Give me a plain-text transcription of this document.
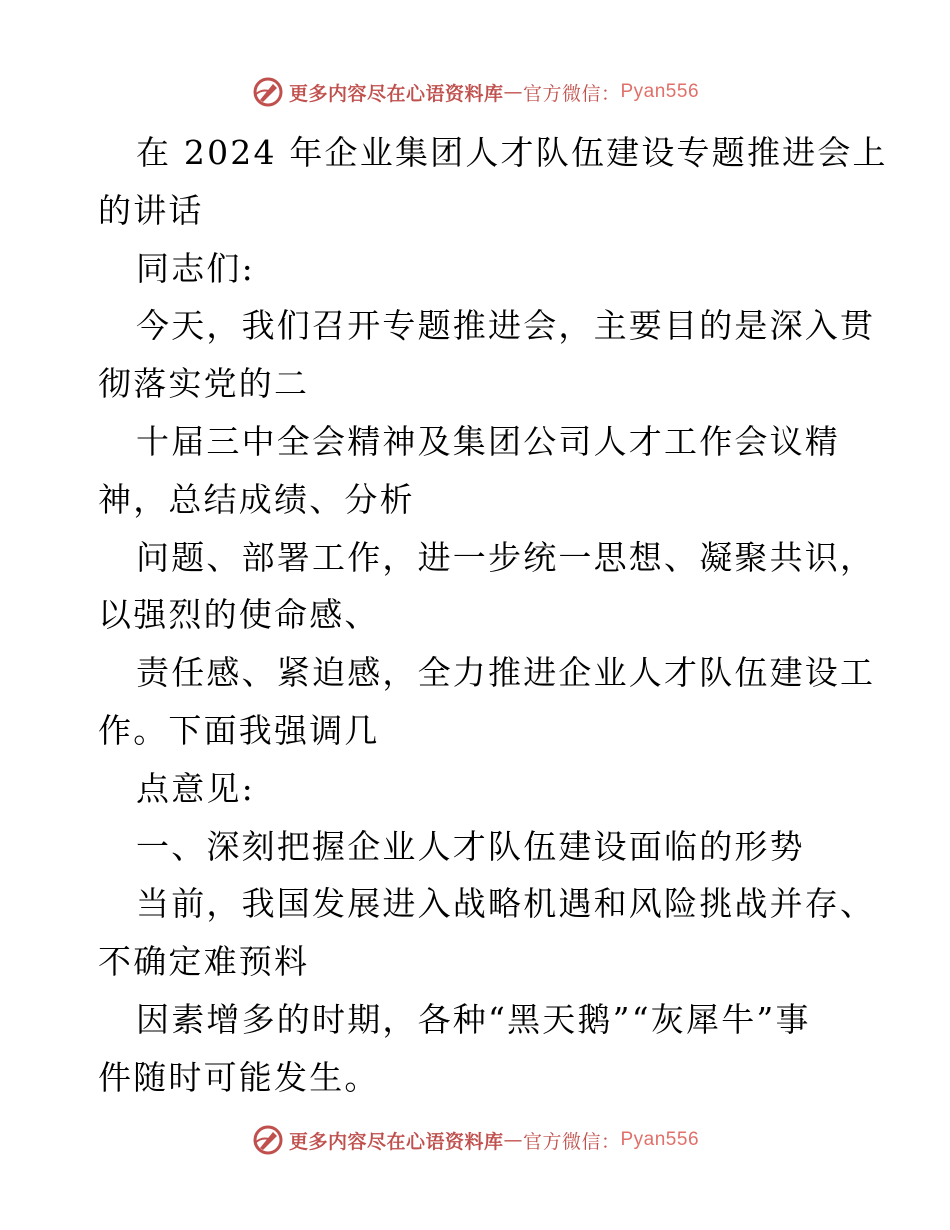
更多内容尽在心语资料库 — 官方微信： Pyan556
在 2024 年企业集团人才队伍建设专题推进会上
的讲话
同志们:
今天，我们召开专题推进会，主要目的是深入贯
彻落实党的二
十届三中全会精神及集团公司人才工作会议精
神，总结成绩、分析
问题、部署工作，进一步统一思想、凝聚共识，
以强烈的使命感、
责任感、紧迫感，全力推进企业人才队伍建设工
作。下面我强调几
点意见:
一、深刻把握企业人才队伍建设面临的形势
当前，我国发展进入战略机遇和风险挑战并存、
不确定难预料
因素增多的时期，各种“黑天鹅”“灰犀牛”事
件随时可能发生。
更多内容尽在心语资料库 — 官方微信： Pyan556
